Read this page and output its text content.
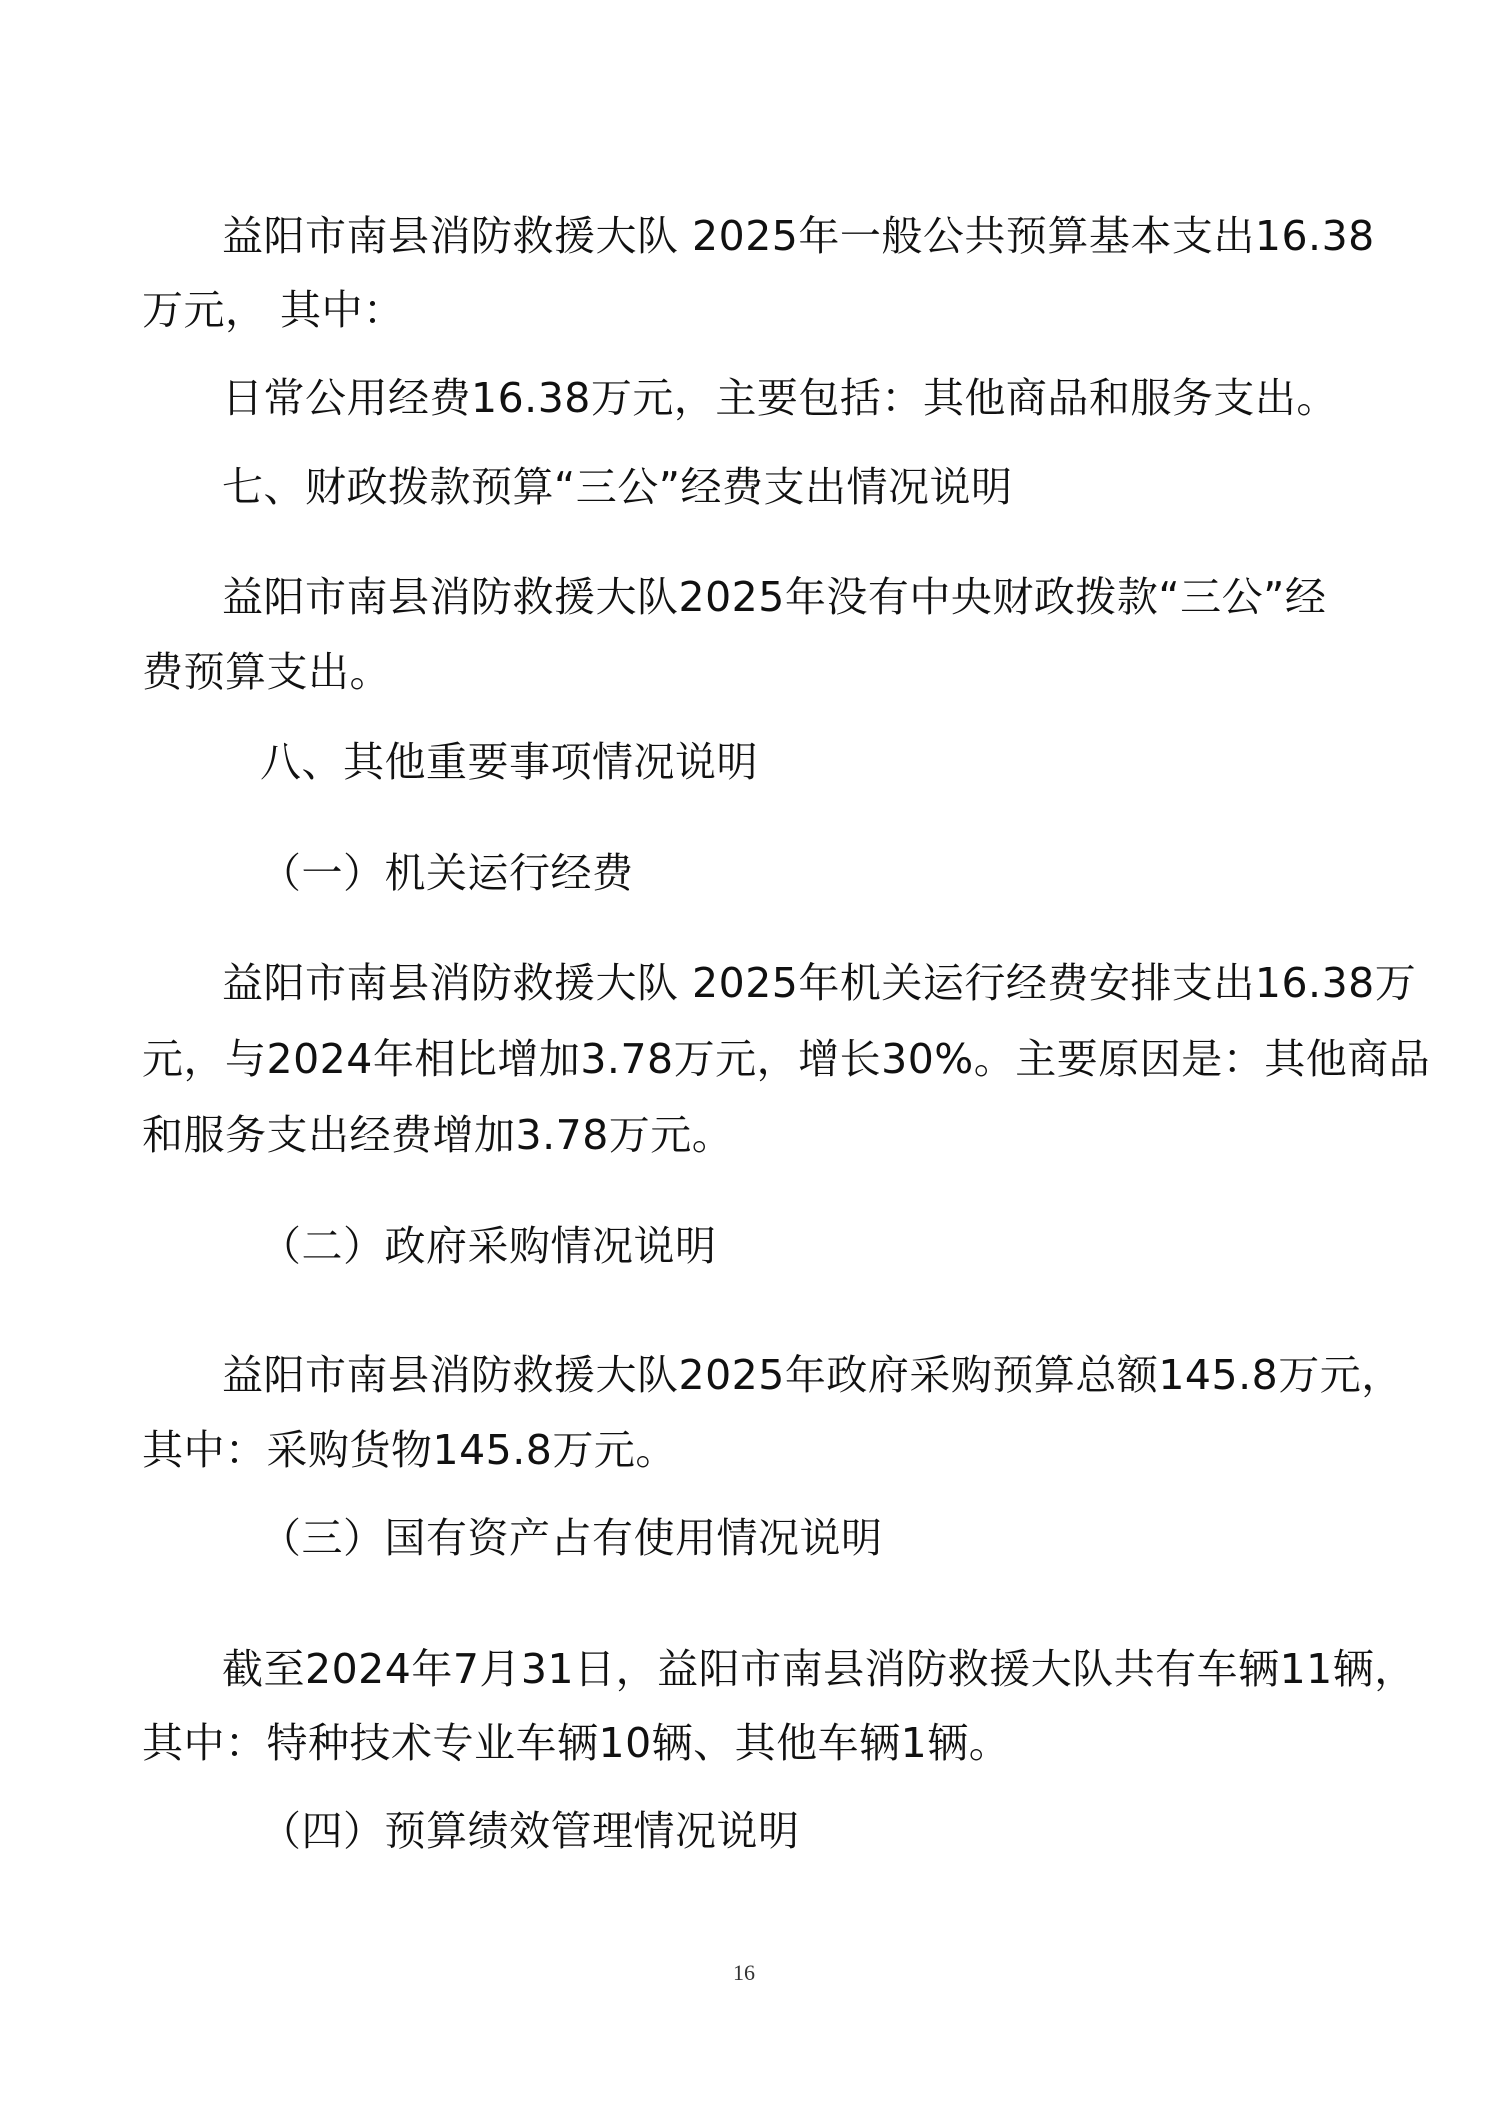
益阳市南县消防救援大队 2025年一般公共预算基本支出16.38
万元， 其中：
日常公用经费16.38万元，主要包括：其他商品和服务支出。
七、财政拨款预算“三公”经费支出情况说明
益阳市南县消防救援大队2025年没有中央财政拨款“三公”经
费预算支出。
八、其他重要事项情况说明
（一）机关运行经费
益阳市南县消防救援大队 2025年机关运行经费安排支出16.38万
元，与2024年相比增加3.78万元，增长30%。主要原因是：其他商品
和服务支出经费增加3.78万元。
（二）政府采购情况说明
益阳市南县消防救援大队2025年政府采购预算总额145.8万元，
其中：采购货物145.8万元。
（三）国有资产占有使用情况说明
截至2024年7月31日，益阳市南县消防救援大队共有车辆11辆，
其中：特种技术专业车辆10辆、其他车辆1辆。
（四）预算绩效管理情况说明
16
